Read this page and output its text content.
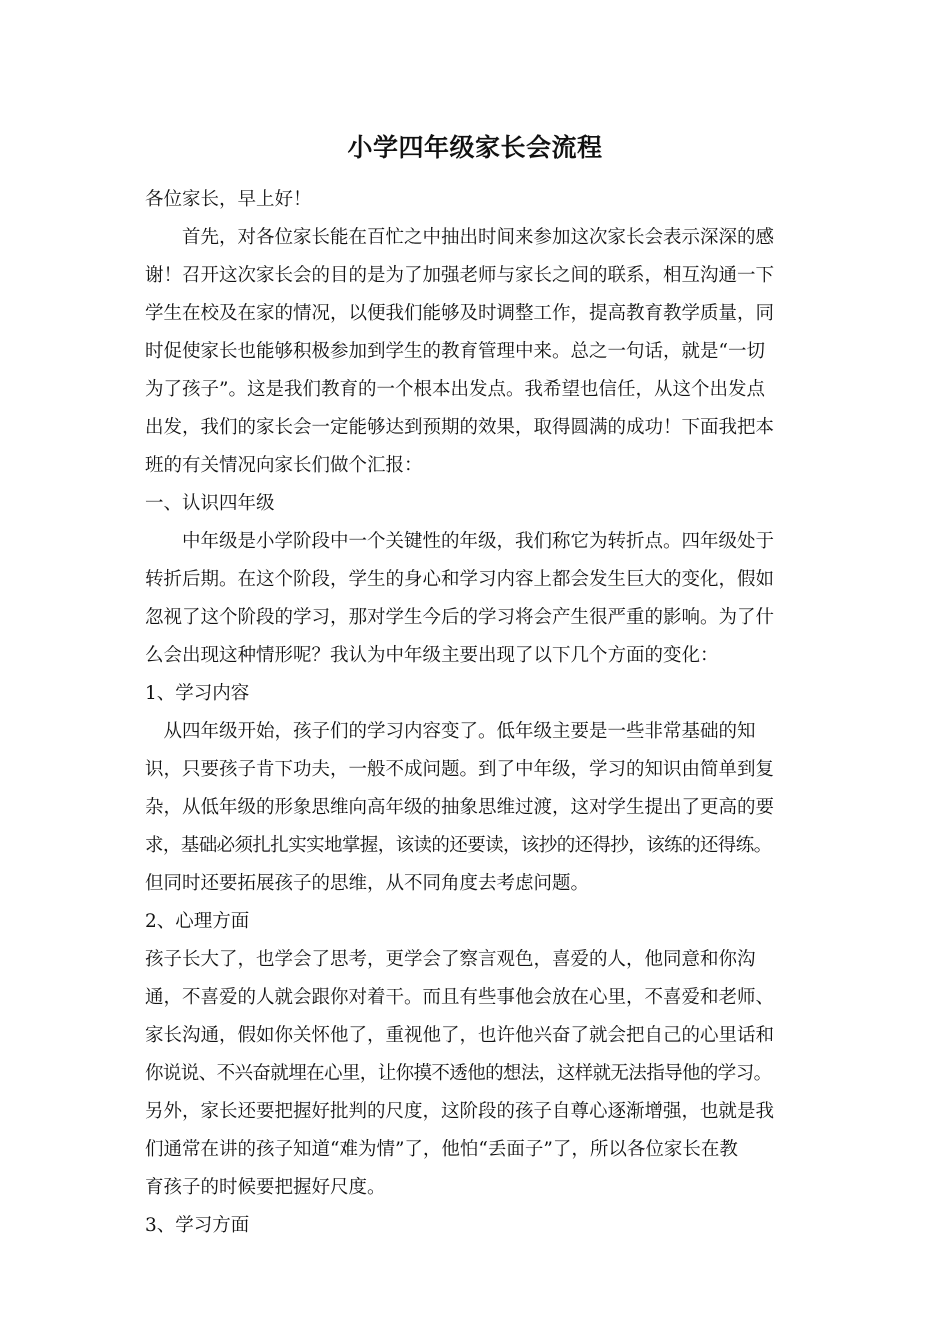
小学四年级家长会流程
各位家长，早上好！
　　首先，对各位家长能在百忙之中抽出时间来参加这次家长会表示深深的感
谢！召开这次家长会的目的是为了加强老师与家长之间的联系，相互沟通一下
学生在校及在家的情况，以便我们能够及时调整工作，提高教育教学质量，同
时促使家长也能够积极参加到学生的教育管理中来。总之一句话，就是“一切
为了孩子”。这是我们教育的一个根本出发点。我希望也信任，从这个出发点
出发，我们的家长会一定能够达到预期的效果，取得圆满的成功！下面我把本
班的有关情况向家长们做个汇报：
一、认识四年级
　　中年级是小学阶段中一个关键性的年级，我们称它为转折点。四年级处于
转折后期。在这个阶段，学生的身心和学习内容上都会发生巨大的变化，假如
忽视了这个阶段的学习，那对学生今后的学习将会产生很严重的影响。为了什
么会出现这种情形呢？我认为中年级主要出现了以下几个方面的变化：
1、学习内容
　从四年级开始，孩子们的学习内容变了。低年级主要是一些非常基础的知
识，只要孩子肯下功夫，一般不成问题。到了中年级，学习的知识由简单到复
杂，从低年级的形象思维向高年级的抽象思维过渡，这对学生提出了更高的要
求，基础必须扎扎实实地掌握，该读的还要读，该抄的还得抄，该练的还得练。
但同时还要拓展孩子的思维，从不同角度去考虑问题。
2、心理方面
孩子长大了，也学会了思考，更学会了察言观色，喜爱的人，他同意和你沟
通，不喜爱的人就会跟你对着干。而且有些事他会放在心里，不喜爱和老师、
家长沟通，假如你关怀他了，重视他了，也许他兴奋了就会把自己的心里话和
你说说、不兴奋就埋在心里，让你摸不透他的想法，这样就无法指导他的学习。
另外，家长还要把握好批判的尺度，这阶段的孩子自尊心逐渐增强，也就是我
们通常在讲的孩子知道“难为情”了，他怕“丢面子”了，所以各位家长在教
育孩子的时候要把握好尺度。
3、学习方面
